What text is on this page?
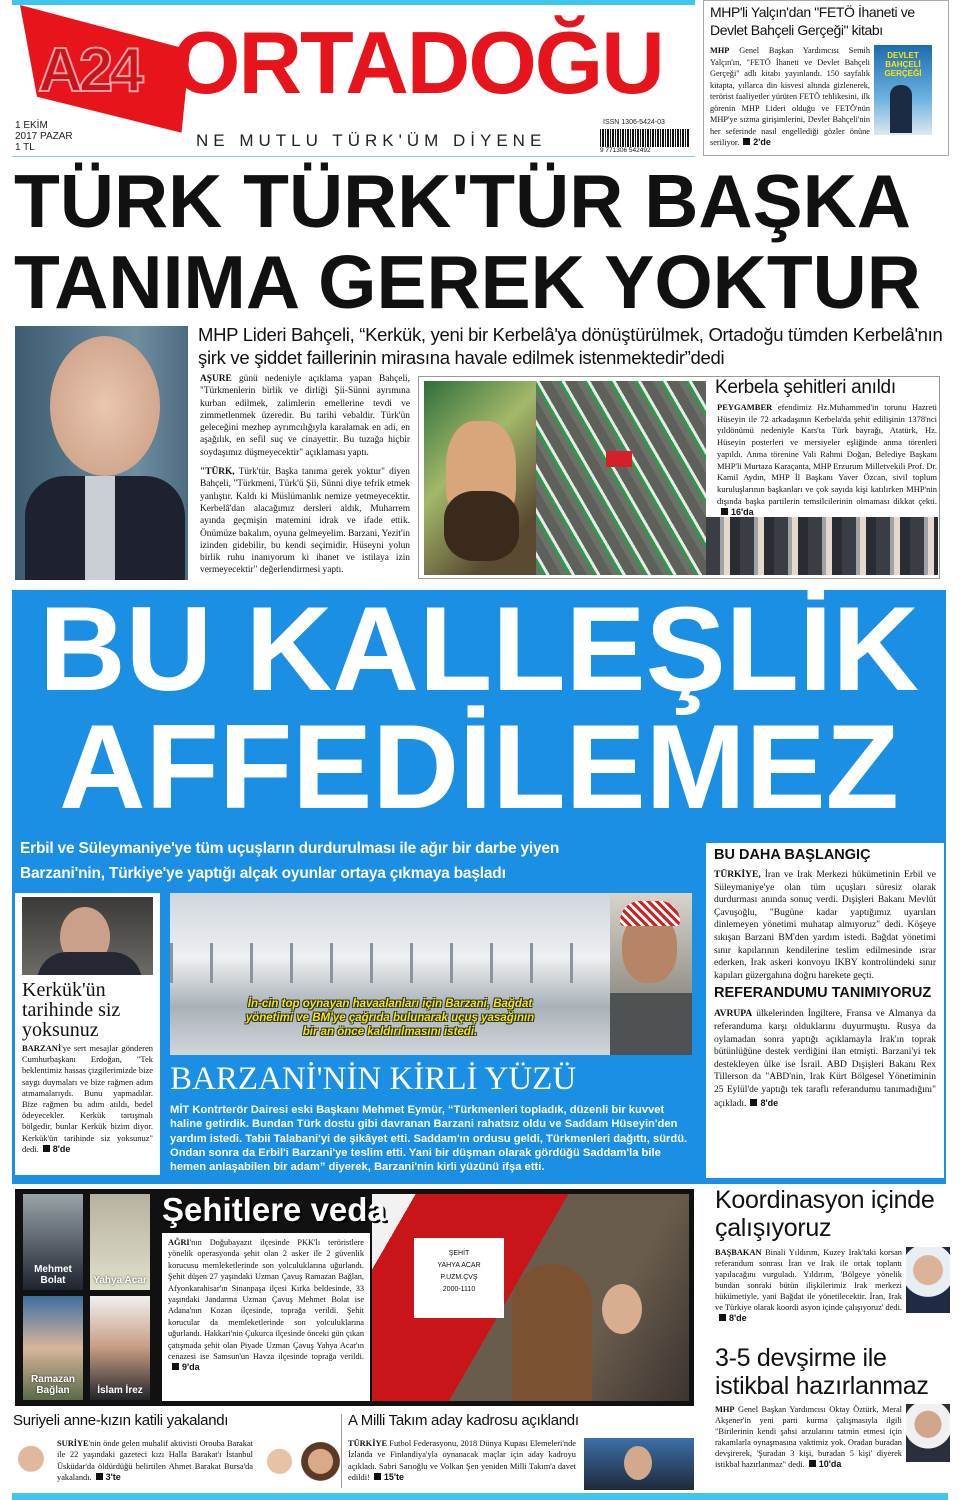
A24 ORTADOĞU
1 EKİM
2017 PAZAR
1 TL	NE MUTLU TÜRK'ÜM DİYENE
ISSN 1306-5424-03
9 771306 542492
MHP'li Yalçın'dan "FETÖ İhaneti ve Devlet Bahçeli Gerçeği" kitabı
DEVLET BAHÇELİ GERÇEĞİ
MHP Genel Başkan Yardımcısı Semih Yalçın'ın, "FETÖ İhaneti ve Devlet Bahçeli Gerçeği" adlı kitabı yayınlandı. 150 sayfalık kitapta, yıllarca din kisvesi altında gizlenerek, terörist faaliyetler yürüten FETÖ tehlikesini, ilk görenin MHP Lideri olduğu ve FETÖ'nün MHP'ye sızma girişimlerini, Devlet Bahçeli'nin her seferinde nasıl engellediği gözler önüne seriliyor. 2'de
TÜRK TÜRK'TÜR BAŞKA
TANIMA GEREK YOKTUR
MHP Lideri Bahçeli, “Kerkük, yeni bir Kerbelâ'ya dönüştürülmek, Ortadoğu tümden Kerbelâ'nın şirk ve şiddet faillerinin mirasına havale edilmek istenmektedir”dedi

AŞURE günü nedeniyle açıklama yapan Bahçeli, "Türkmenlerin birlik ve dirliği Şii-Sünni ayrımına kurban edilmek, zalimlerin emellerine tevdi ve zimmetlenmek üzeredir. Bu tarihi vebaldir. Türk'ün geleceğini mezhep ayrımcılığıyla karalamak en adi, en aşağılık, en sefil suç ve cinayettir. Bu tuzağa hiçbir soydaşımız düşmeyecektir" açıklaması yaptı.

"TÜRK, Türk'tür. Başka tanıma gerek yoktur" diyen Bahçeli, "Türkmeni, Türk'ü Şii, Sünni diye tefrik etmek yanlıştır. Kaldı ki Müslümanlık nemize yetmeyecektir. Kerbelâ'dan alacağımız dersleri aldık, Muharrem ayında geçmişin matemini idrak ve ifade ettik. Önümüze bakalım, oyuna gelmeyelim. Barzani, Yezit'in izinden gidebilir, bu kendi seçimidir. Hüseyni yolun birlik ruhu inanıyorum ki ihanet ve istilaya izin vermeyecektir" değerlendirmesi yaptı.

Kerbela şehitleri anıldı
PEYGAMBER efendimiz Hz.Muhammed'in torunu Hazreti Hüseyin ile 72 arkadaşının Kerbela'da şehit edilişinin 1378'nci yıldönümü nedeniyle Kars'ta Türk bayrağı, Atatürk, Hz. Hüseyin posterleri ve mersiyeler eşliğinde anma törenleri yapıldı. Anma törenine Vali Rahmi Doğan, Belediye Başkanı MHP'li Murtaza Karaçanta, MHP Erzurum Milletvekili Prof. Dr. Kamil Aydın, MHP İl Başkanı Yaver Özcan, sivil toplum kuruluşlarının başkanları ve çok sayıda kişi katılırken MHP'nin dışında başka partilerin temsilcilerinin olmaması dikkat çekti.16'da
BU KALLEŞLİK
AFFEDİLEMEZ
Erbil ve Süleymaniye'ye tüm uçuşların durdurulması ile ağır bir darbe yiyen
Barzani'nin, Türkiye'ye yaptığı alçak oyunlar ortaya çıkmaya başladı
Kerkük'ün tarihinde siz yoksunuz
BARZANİ'ye sert mesajlar gönderen Cumhurbaşkanı Erdoğan, "Tek beklentimiz hassas çizgilerimizde bize saygı duymaları ve bize rağmen adım atmamalarıydı. Bunu yapmadılar. Bize rağmen bu adım atıldı, bedel ödeyecekler. Kerkük tartışmalı bölgedir, bunlar Kerkük bizim diyor. Kerkük'ün tarihinde siz yoksunuz" dedi. 8'de
İn-cin top oynayan havaalanları için Barzani, Bağdat yönetimi ve BM'ye çağrıda bulunarak uçuş yasağının bir an önce kaldırılmasını istedi.
BARZANİ'NİN KİRLİ YÜZÜ
MİT Kontrterör Dairesi eski Başkanı Mehmet Eymür, “Türkmenleri topladık, düzenli bir kuvvet haline getirdik. Bundan Türk dostu gibi davranan Barzani rahatsız oldu ve Saddam Hüseyin'den yardım istedi. Tabii Talabani'yi de şikâyet etti. Saddam'ın ordusu geldi, Türkmenleri dağıttı, sürdü. Ondan sonra da Erbil'i Barzani'ye teslim etti. Yani bir düşman olarak gördüğü Saddam'la bile hemen anlaşabilen bir adam” diyerek, Barzani'nin kirli yüzünü ifşa etti.
BU DAHA BAŞLANGIÇ
TÜRKİYE, İran ve Irak Merkezi hükümetinin Erbil ve Süleymaniye'ye olan tüm uçuşları süresiz olarak durdurması anında sonuç verdi. Dışişleri Bakanı Mevlüt Çavuşoğlu, "Bugüne kadar yaptığımız uyarıları dinlemeyen yönetimi muhatap almıyoruz" dedi. Köşeye sıkışan Barzani BM'den yardım istedi. Bağdat yönetimi sınır kapılarının kendilerine teslim edilmesinde ısrar ederken, Irak askeri konvoyu IKBY kontrolündeki sınır kapıları güzergahına doğru harekete geçti.
REFERANDUMU TANIMIYORUZ
AVRUPA ülkelerinden İngiltere, Fransa ve Almanya da referanduma karşı olduklarını duyurmuştu. Rusya da oylamadan sonra yaptığı açıklamayla Irak'ın toprak bütünlüğüne destek verdiğini ilan etmişti. Barzani'yi tek destekleyen ülke ise İsrail. ABD Dışişleri Bakanı Rex Tillerson da "ABD'nin, Irak Kürt Bölgesel Yönetiminin 25 Eylül'de yaptığı tek taraflı referandumu tanımadığını" açıkladı. 8'de
Mehmet Bolat	Yahya Acar
Ramazan Bağlan	İslam İrez
Şehitlere veda
AĞRI'nın Doğubayazıt ilçesinde PKK'lı teröristlere yönelik operasyonda şehit olan 2 asker ile 2 güvenlik korucusu memleketlerinde son yolculuklarına uğurlandı. Şehit düşen 27 yaşındaki Uzman Çavuş Ramazan Bağlan, Afyonkarahisar'ın Sinanpaşa ilçesi Kırka beldesinde, 33 yaşındaki Jandarma Uzman Çavuş Mehmet Bolat ise Adana'nın Kozan ilçesinde, toprağa verildi. Şehit korucular da memleketlerinde son yolculuklarına uğurlandı. Hakkari'nin Çukurca ilçesinde önceki gün çıkan çatışmada şehit olan Piyade Uzman Çavuş Yahya Acar'ın cenazesi ise Samsun'un Havza ilçesinde toprağa verildi.9'da
ŞEHİT
YAHYA ACAR
P.UZM.ÇVŞ
2000-1110
Koordinasyon içinde çalışıyoruz
BAŞBAKAN Binali Yıldırım, Kuzey Irak'taki korsan referandum sonrası İran ve Irak ile ortak toplantı yapılacağını vurguladı. Yıldırım, 'Bölgeye yönelik bundan sonraki bütün ilişkilerimiz Irak merkezi hükümetiyle, yani Bağdat ile yönetilecektir. İran, Irak ve Türkiye olarak koordi asyon içinde çalışıyoruz' dedi.8'de
3-5 devşirme ile istikbal hazırlanmaz
MHP Genel Başkan Yardımcısı Oktay Öztürk, Meral Akşener'in yeni parti kurma çalışmasıyla ilgili "Birilerinin kendi şahsi arzularını tatmin etmesi için rakamlarla oynaşmasına vaktimiz yok. Oradan buradan devşirerek, 'Şuradan 3 kişi, buradan 5 kişi' diyerek istikbal hazırlanmaz" dedi. 10'da
Suriyeli anne-kızın katili yakalandı
SURİYE'nin önde gelen muhalif aktivisti Orouba Barakat ile 22 yaşındaki gazeteci kızı Halla Barakat'ı İstanbul Üsküdar'da öldürdüğü belirtilen Ahmet Barakat Bursa'da yakalandı. 3'te
A Milli Takım aday kadrosu açıklandı
TÜRKİYE Futbol Federasyonu, 2018 Dünya Kupası Elemeleri'nde İzlanda ve Finlandiya'yla oynanacak maçlar için aday kadroyu açıkladı. Sabri Sarıoğlu ve Volkan Şen yeniden Milli Takım'a davet edildi! 15'te
